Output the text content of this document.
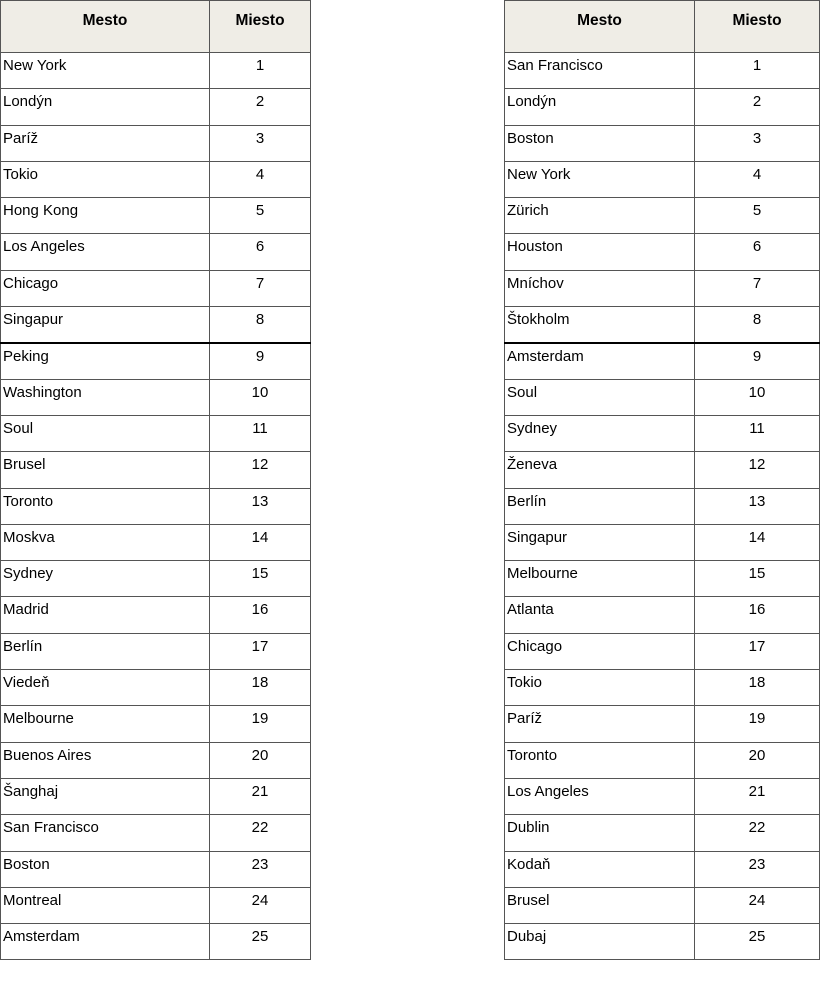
Mesto	Miesto
New York	1
Londýn	2
Paríž	3
Tokio	4
Hong Kong	5
Los Angeles	6
Chicago	7
Singapur	8
Peking	9
Washington	10
Soul	11
Brusel	12
Toronto	13
Moskva	14
Sydney	15
Madrid	16
Berlín	17
Viedeň	18
Melbourne	19
Buenos Aires	20
Šanghaj	21
San Francisco	22
Boston	23
Montreal	24
Amsterdam	25
Mesto	Miesto
San Francisco	1
Londýn	2
Boston	3
New York	4
Zürich	5
Houston	6
Mníchov	7
Štokholm	8
Amsterdam	9
Soul	10
Sydney	11
Ženeva	12
Berlín	13
Singapur	14
Melbourne	15
Atlanta	16
Chicago	17
Tokio	18
Paríž	19
Toronto	20
Los Angeles	21
Dublin	22
Kodaň	23
Brusel	24
Dubaj	25
